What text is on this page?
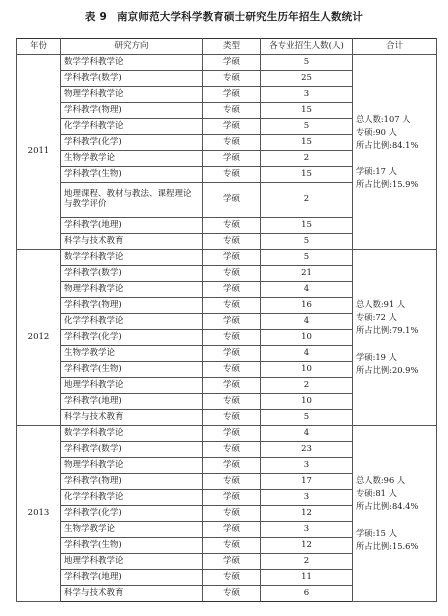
表 9 南京师范大学科学教育硕士研究生历年招生人数统计
年份	研究方向	类型	各专业招生人数(人)	合计
2011	数学学科教学论	学硕	5	总人数:107 人
专硕:90 人
所占比例:84.1%
学硕:17 人
所占比例:15.9%

	学科教学(数学)	专硕	25	
	物理学科教学论	学硕	3	
	学科教学(物理)	专硕	15	
	化学学科教学论	学硕	5	
	学科教学(化学)	专硕	15	
	生物学教学论	学硕	2	
	学科教学(生物)	专硕	15	
	地理课程、教材与教法、课程理论与教学评价	学硕	2	
	学科教学(地理)	专硕	15	
	科学与技术教育	专硕	5	
2012	数学学科教学论	学硕	5	总人数:91 人
专硕:72 人
所占比例:79.1%
学硕:19 人
所占比例:20.9%

	学科教学(数学)	专硕	21	
	物理学科教学论	学硕	4	
	学科教学(物理)	专硕	16	
	化学学科教学论	学硕	4	
	学科教学(化学)	专硕	10	
	生物学教学论	学硕	4	
	学科教学(生物)	专硕	10	
	地理学科教学论	学硕	2	
	学科教学(地理)	专硕	10	
	科学与技术教育	专硕	5	
2013	数学学科教学论	学硕	4	总人数:96 人
专硕:81 人
所占比例:84.4%
学硕:15 人
所占比例:15.6%

	学科教学(数学)	专硕	23	
	物理学科教学论	学硕	3	
	学科教学(物理)	专硕	17	
	化学学科教学论	学硕	3	
	学科教学(化学)	专硕	12	
	生物学教学论	学硕	3	
	学科教学(生物)	专硕	12	
	地理学科教学论	学硕	2	
	学科教学(地理)	专硕	11	
	科学与技术教育	专硕	6	
